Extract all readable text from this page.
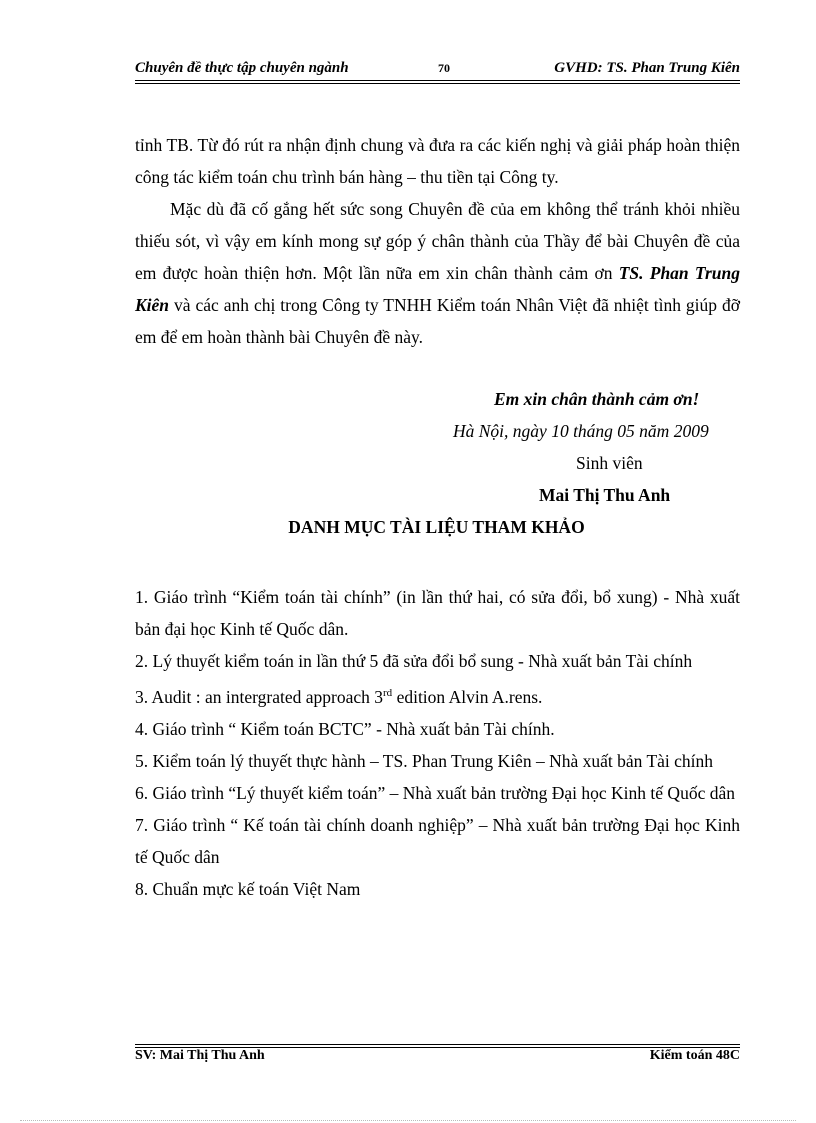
Chuyên đề thực tập chuyên ngành	70	GVHD: TS. Phan Trung Kiên
tỉnh TB. Từ đó rút ra nhận định chung và đưa ra các kiến nghị và giải pháp hoàn thiện công tác kiểm toán chu trình bán hàng – thu tiền tại Công ty.
Mặc dù đã cố gắng hết sức song Chuyên đề của em không thể tránh khỏi nhiều thiếu sót, vì vậy em kính mong sự góp ý chân thành của Thầy để bài Chuyên đề của em được hoàn thiện hơn. Một lần nữa em xin chân thành cảm ơn TS. Phan Trung Kiên và các anh chị trong Công ty TNHH Kiểm toán Nhân Việt đã nhiệt tình giúp đỡ em để em hoàn thành bài Chuyên đề này.
Em xin chân thành cảm ơn!
Hà Nội, ngày 10 tháng 05 năm 2009
Sinh viên
Mai Thị Thu Anh
DANH MỤC TÀI LIỆU THAM KHẢO
1. Giáo trình “Kiểm toán tài chính” (in lần thứ hai, có sửa đổi, bổ xung) - Nhà xuất bản đại học Kinh tế Quốc dân.
2. Lý thuyết kiểm toán in lần thứ 5 đã sửa đổi bổ sung - Nhà xuất bản Tài chính
3. Audit : an intergrated approach 3rd edition Alvin A.rens.
4. Giáo trình “ Kiểm toán BCTC” - Nhà xuất bản Tài chính.
5. Kiểm toán lý thuyết thực hành – TS. Phan Trung Kiên – Nhà xuất bản Tài chính
6. Giáo trình “Lý thuyết kiểm toán” – Nhà xuất bản trường Đại học Kinh tế Quốc dân
7. Giáo trình “ Kế toán tài chính doanh nghiệp” – Nhà xuất bản trường Đại học Kinh tế Quốc dân
8. Chuẩn mực kế toán Việt Nam
SV: Mai Thị Thu Anh	Kiểm toán 48C
